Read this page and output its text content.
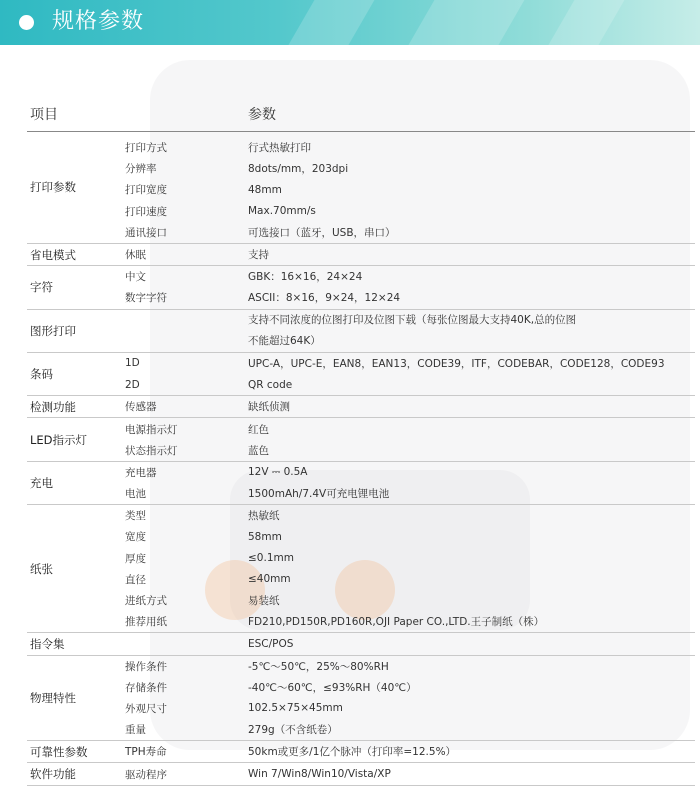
规格参数
项目	参数
打印参数
打印方式	行式热敏打印
分辨率	8dots/mm，203dpi
打印宽度	48mm
打印速度	Max.70mm/s
通讯接口	可选接口（蓝牙，USB，串口）
省电模式	休眠	支持
字符
中文	GBK：16×16，24×24
数字字符	ASCII：8×16，9×24，12×24
图形打印
支持不同浓度的位图打印及位图下载（每张位图最大支持40K,总的位图
不能超过64K）
条码
1D	UPC-A，UPC-E，EAN8，EAN13，CODE39，ITF，CODEBAR，CODE128，CODE93
2D	QR code
检测功能	传感器	缺纸侦测
LED指示灯
电源指示灯	红色
状态指示灯	蓝色
充电
充电器	12V ⎓ 0.5A
电池	1500mAh/7.4V可充电锂电池
纸张
类型	热敏纸
宽度	58mm
厚度	≤0.1mm
直径	≤40mm
进纸方式	易装纸
推荐用纸	FD210,PD150R,PD160R,OJI Paper CO.,LTD.王子制纸（株）
指令集	ESC/POS
物理特性
操作条件	-5℃～50℃，25%～80%RH
存储条件	-40℃～60℃，≤93%RH（40℃）
外观尺寸	102.5×75×45mm
重量	279g（不含纸卷）
可靠性参数	TPH寿命	50km或更多/1亿个脉冲（打印率=12.5%）
软件功能	驱动程序	Win 7/Win8/Win10/Vista/XP
